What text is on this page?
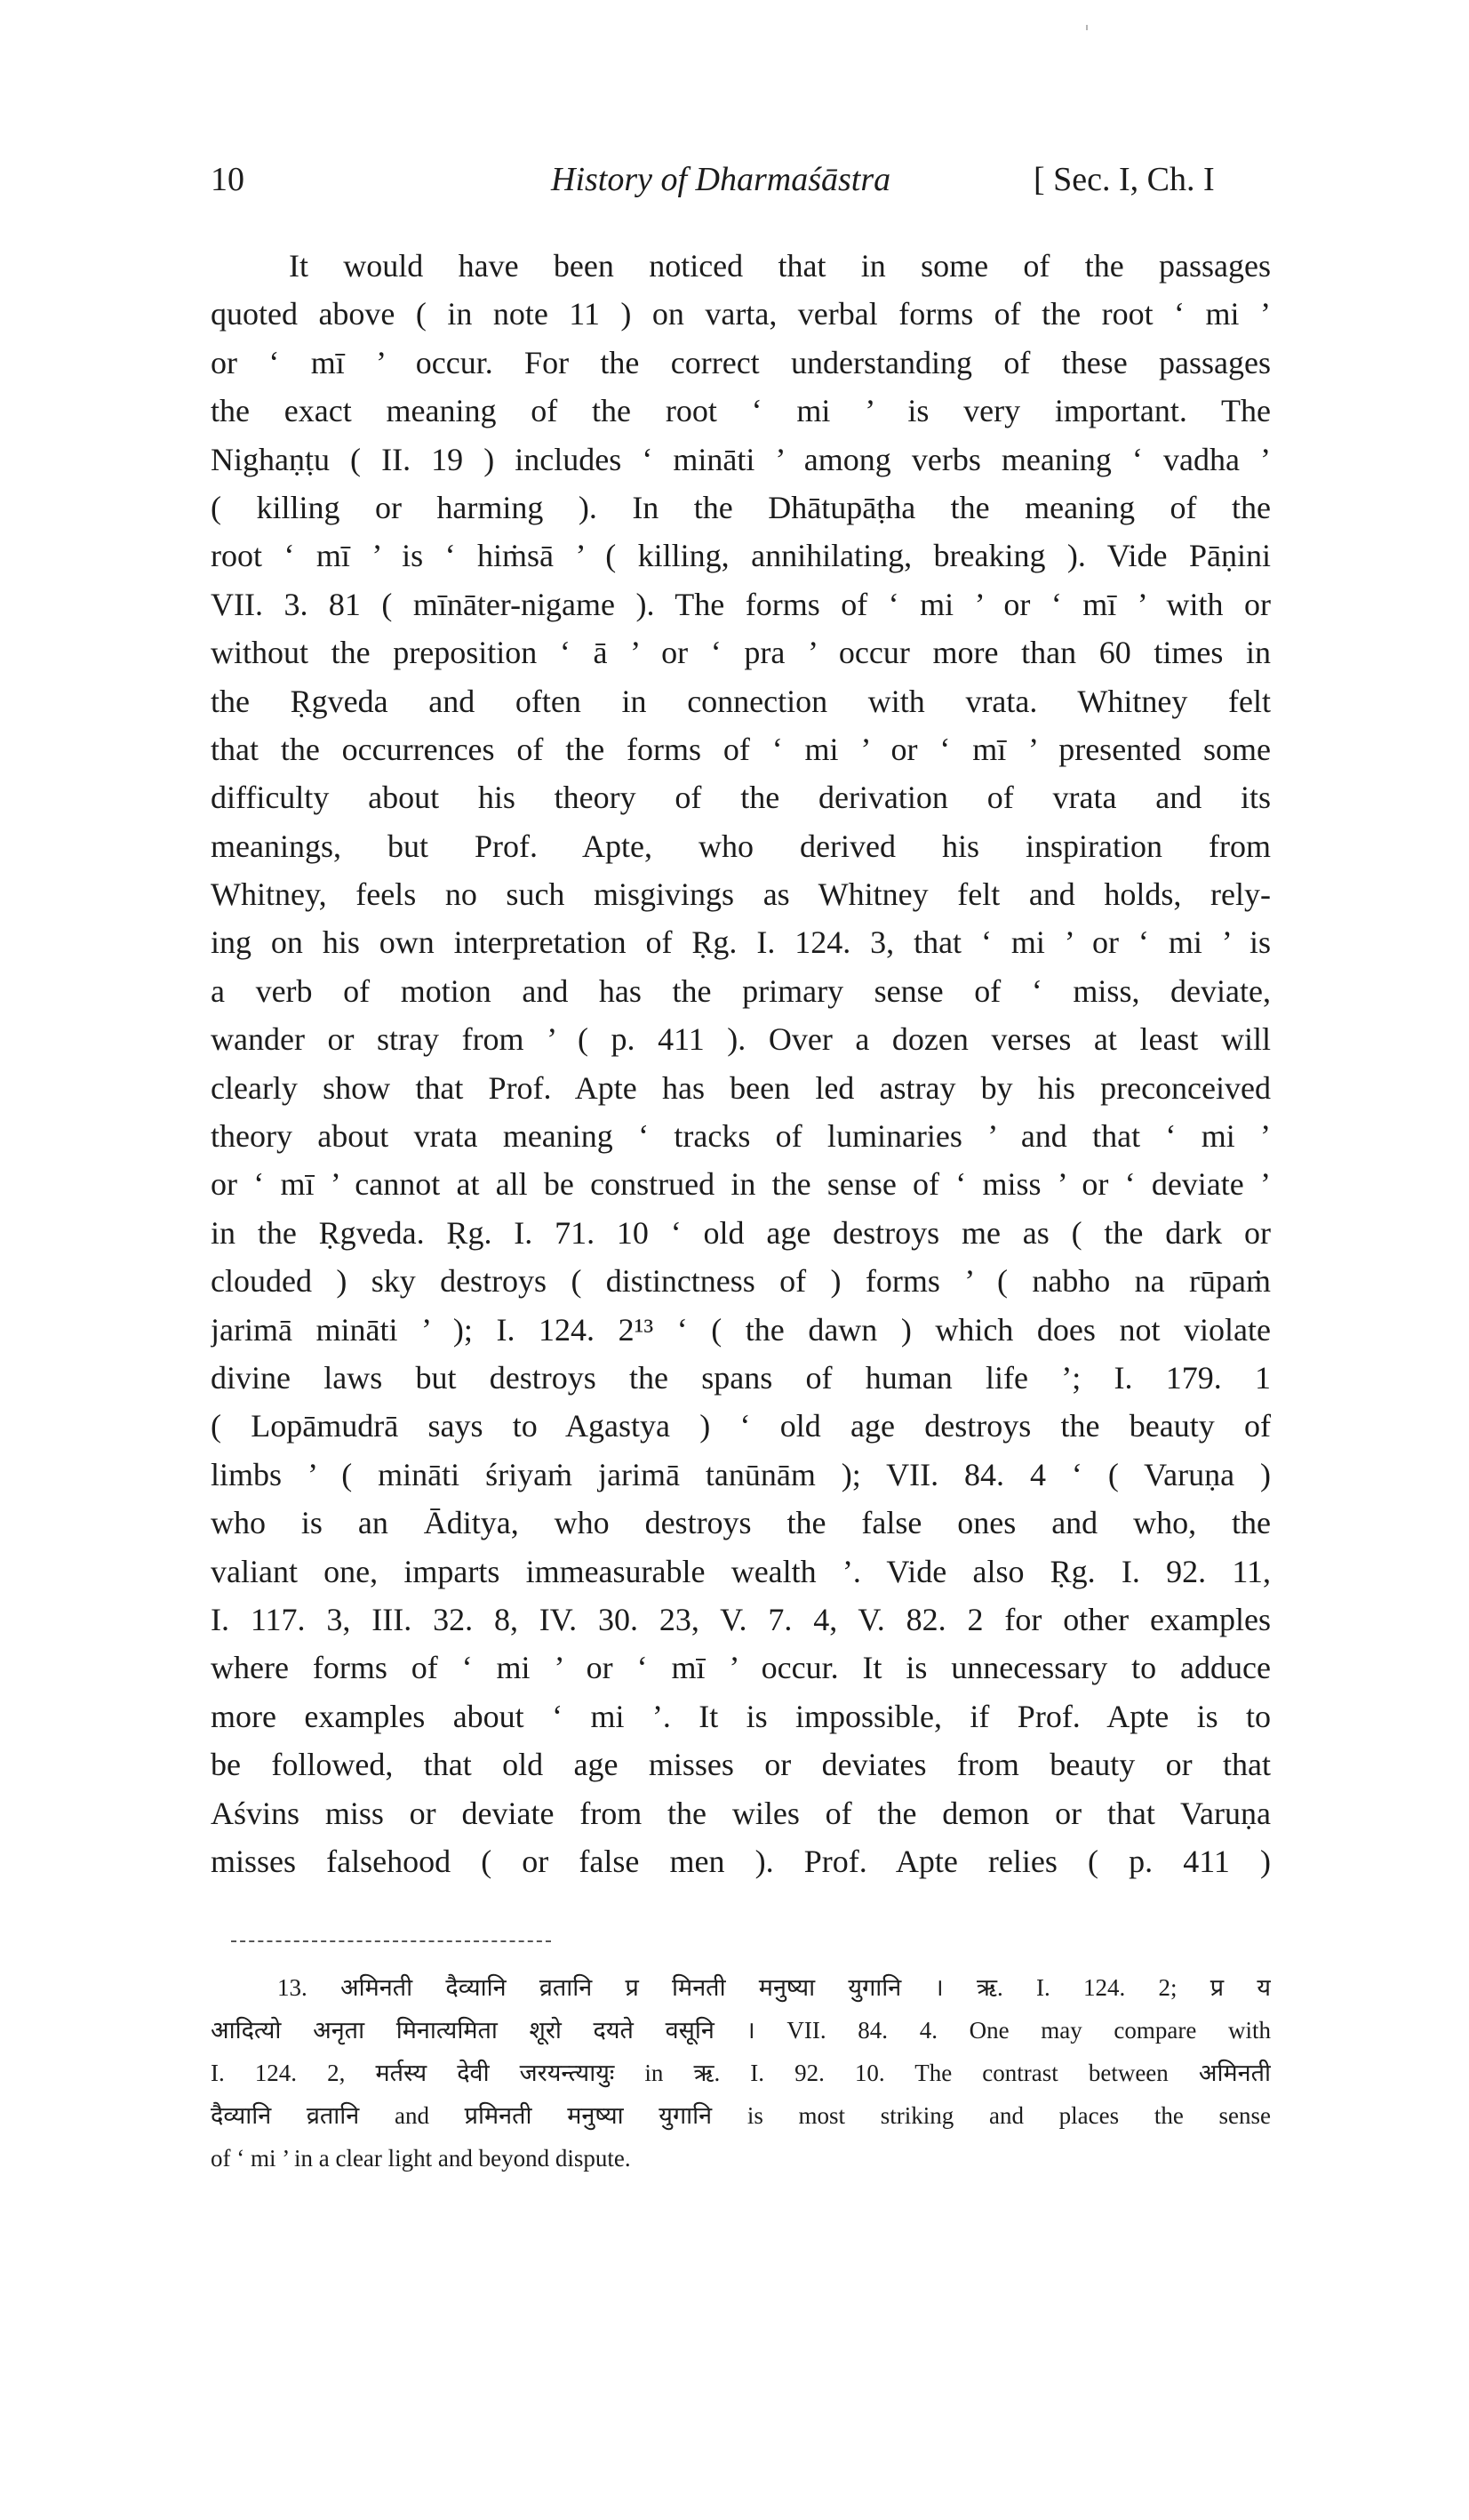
10	History of Dharmaśāstra	[ Sec. I, Ch. I
It would have been noticed that in some of the passages
quoted above ( in note 11 ) on varta, verbal forms of the root ‘ mi ’
or ‘ mī ’ occur. For the correct understanding of these passages
the exact meaning of the root ‘ mi ’ is very important. The
Nighaṇṭu ( II. 19 ) includes ‘ mināti ’ among verbs meaning ‘ vadha ’
( killing or harming ). In the Dhātupāṭha the meaning of the
root ‘ mī ’ is ‘ hiṁsā ’ ( killing, annihilating, breaking ). Vide Pāṇini
VII. 3. 81 ( mīnāter-nigame ). The forms of ‘ mi ’ or ‘ mī ’ with or
without the preposition ‘ ā ’ or ‘ pra ’ occur more than 60 times in
the Ṛgveda and often in connection with vrata. Whitney felt
that the occurrences of the forms of ‘ mi ’ or ‘ mī ’ presented some
difficulty about his theory of the derivation of vrata and its
meanings, but Prof. Apte, who derived his inspiration from
Whitney, feels no such misgivings as Whitney felt and holds, rely-
ing on his own interpretation of Ṛg. I. 124. 3, that ‘ mi ’ or ‘ mi ’ is
a verb of motion and has the primary sense of ‘ miss, deviate,
wander or stray from ’ ( p. 411 ). Over a dozen verses at least will
clearly show that Prof. Apte has been led astray by his preconceived
theory about vrata meaning ‘ tracks of luminaries ’ and that ‘ mi ’
or ‘ mī ’ cannot at all be construed in the sense of ‘ miss ’ or ‘ deviate ’
in the Ṛgveda. Ṛg. I. 71. 10 ‘ old age destroys me as ( the dark or
clouded ) sky destroys ( distinctness of ) forms ’ ( nabho na rūpaṁ
jarimā mināti ’ ); I. 124. 2¹³ ‘ ( the dawn ) which does not violate
divine laws but destroys the spans of human life ’; I. 179. 1
( Lopāmudrā says to Agastya ) ‘ old age destroys the beauty of
limbs ’ ( mināti śriyaṁ jarimā tanūnām ); VII. 84. 4 ‘ ( Varuṇa )
who is an Āditya, who destroys the false ones and who, the
valiant one, imparts immeasurable wealth ’. Vide also Ṛg. I. 92. 11,
I. 117. 3, III. 32. 8, IV. 30. 23, V. 7. 4, V. 82. 2 for other examples
where forms of ‘ mi ’ or ‘ mī ’ occur. It is unnecessary to adduce
more examples about ‘ mi ’. It is impossible, if Prof. Apte is to
be followed, that old age misses or deviates from beauty or that
Aśvins miss or deviate from the wiles of the demon or that Varuṇa
misses falsehood ( or false men ). Prof. Apte relies ( p. 411 )
13. अमिनती दैव्यानि व्रतानि प्र मिनती मनुष्या युगानि । ऋ. I. 124. 2; प्र य
आदित्यो अनृता मिनात्यमिता शूरो दयते वसूनि । VII. 84. 4. One may compare with
I. 124. 2, मर्तस्य देवी जरयन्त्यायुः in ऋ. I. 92. 10. The contrast between अमिनती
दैव्यानि व्रतानि and प्रमिनती मनुष्या युगानि is most striking and places the sense
of ‘ mi ’ in a clear light and beyond dispute.
